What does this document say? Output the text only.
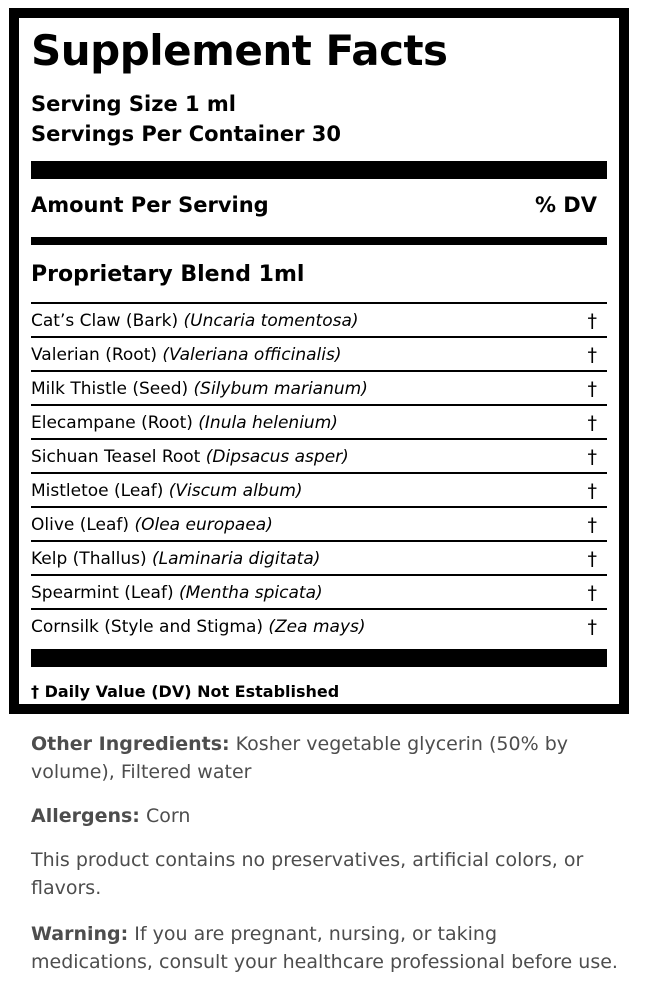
Supplement Facts
Serving Size 1 ml
Servings Per Container 30
Amount Per Serving	% DV
Proprietary Blend 1ml
Cat’s Claw (Bark) (Uncaria tomentosa)	†
Valerian (Root) (Valeriana officinalis)	†
Milk Thistle (Seed) (Silybum marianum)	†
Elecampane (Root) (Inula helenium)	†
Sichuan Teasel Root (Dipsacus asper)	†
Mistletoe (Leaf) (Viscum album)	†
Olive (Leaf) (Olea europaea)	†
Kelp (Thallus) (Laminaria digitata)	†
Spearmint (Leaf) (Mentha spicata)	†
Cornsilk (Style and Stigma) (Zea mays)	†
† Daily Value (DV) Not Established
Other Ingredients: Kosher vegetable glycerin (50% by volume), Filtered water
Allergens: Corn
This product contains no preservatives, artificial colors, or flavors.
Warning: If you are pregnant, nursing, or taking medications, consult your healthcare professional before use.
